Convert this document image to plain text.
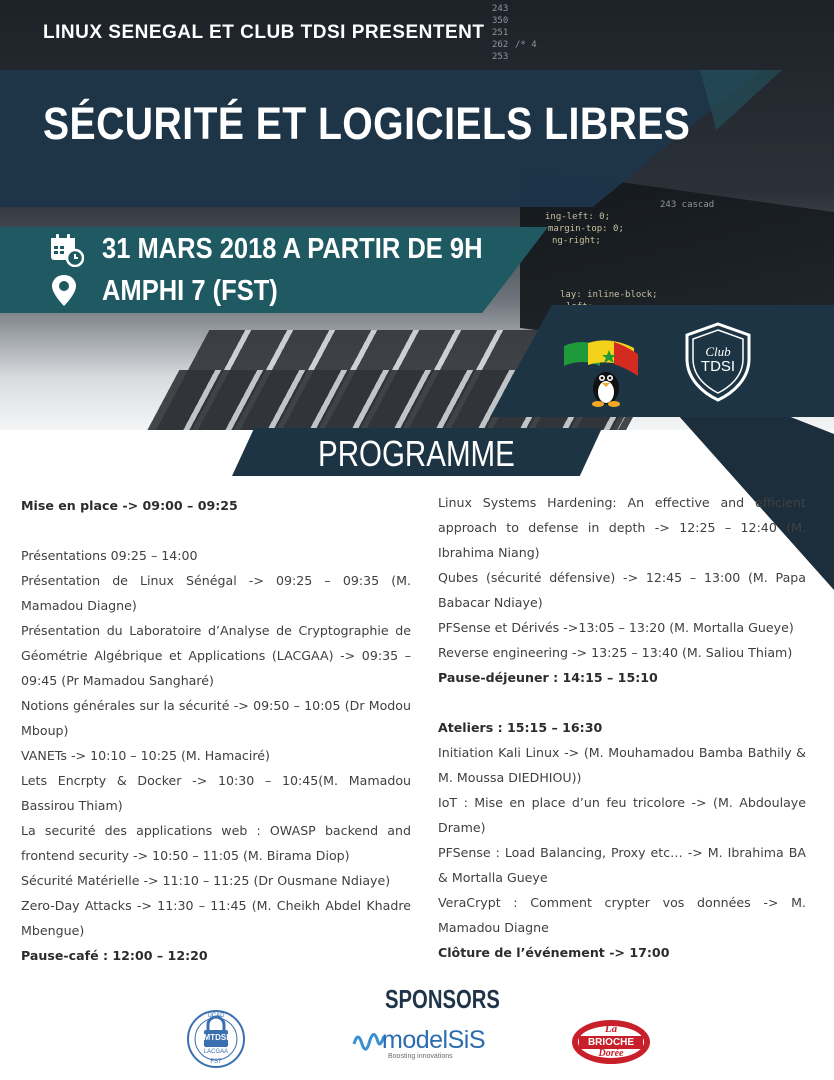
243
350
251
262
253
/* 4
243 cascad
ing-left: 0;
margin-top: 0;
ng-right;
lay: inline-block;
LINUX SENEGAL ET CLUB TDSI PRESENTENT
SÉCURITÉ ET LOGICIELS LIBRES
31 MARS 2018 A PARTIR DE 9H
AMPHI 7 (FST)
Club
TDSI
PROGRAMME

Mise en place -> 09:00 – 09:25

Présentations 09:25 – 14:00

Présentation de Linux Sénégal -> 09:25 – 09:35 (M. Mamadou Diagne)

Présentation du Laboratoire d’Analyse de Cryptographie de Géométrie Algébrique et Applications (LACGAA) -> 09:35 – 09:45 (Pr Mamadou Sangharé)

Notions générales sur la sécurité -> 09:50 – 10:05 (Dr Modou Mboup)

VANETs -> 10:10 – 10:25 (M. Hamaciré)

Lets Encrpty & Docker -> 10:30 – 10:45(M. Mamadou Bassirou Thiam)

La securité des applications web : OWASP backend and frontend security -> 10:50 – 11:05 (M. Birama Diop)

Sécurité Matérielle -> 11:10 – 11:25 (Dr Ousmane Ndiaye)

Zero-Day Attacks -> 11:30 – 11:45 (M. Cheikh Abdel Khadre Mbengue)

Pause-café : 12:00 – 12:20

Linux Systems Hardening: An effective and efficient approach to defense in depth -> 12:25 – 12:40 (M. Ibrahima Niang)

Qubes (sécurité défensive) -> 12:45 – 13:00 (M. Papa Babacar Ndiaye)

PFSense et Dérivés ->13:05 – 13:20 (M. Mortalla Gueye)

Reverse engineering -> 13:25 – 13:40 (M. Saliou Thiam)

Pause-déjeuner : 14:15 – 15:10

Ateliers : 15:15 – 16:30

Initiation Kali Linux -> (M. Mouhamadou Bamba Bathily & M. Moussa DIEDHIOU))

IoT : Mise en place d’un feu tricolore -> (M. Abdoulaye Drame)

PFSense : Load Balancing, Proxy etc… -> M. Ibrahima BA & Mortalla Gueye

VeraCrypt : Comment crypter vos données -> M. Mamadou Diagne

Clôture de l’événement -> 17:00

SPONSORS
UCAD
MTDSI
LACGAA
FST
modelSiS
Boosting innovations
La
BRIOCHE
Dorée
